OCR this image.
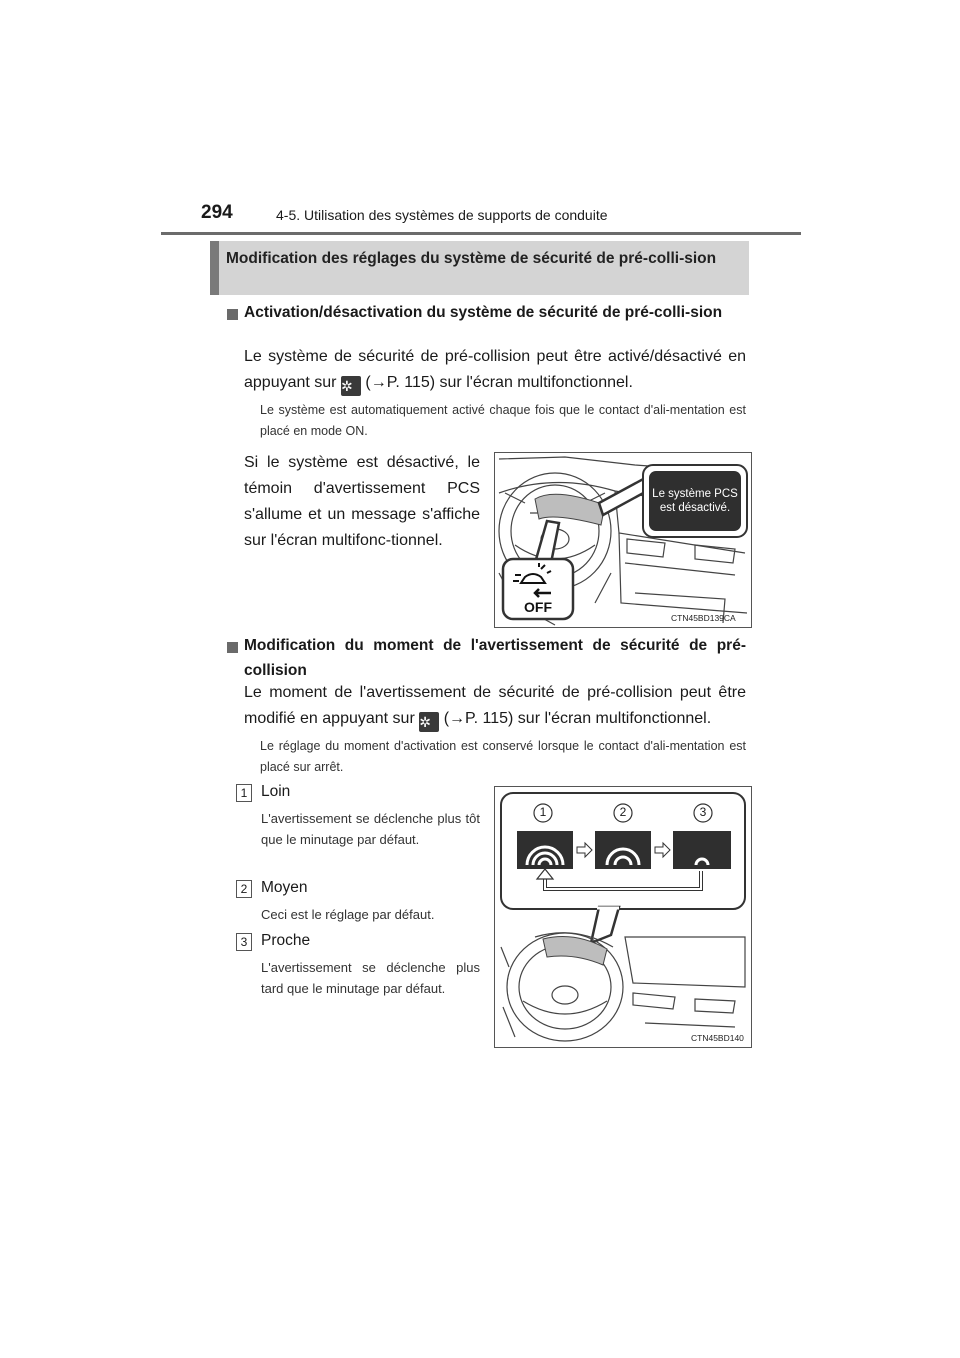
294	4-5. Utilisation des systèmes de supports de conduite
Modification des réglages du système de sécurité de pré-colli-sion
Activation/désactivation du système de sécurité de pré-colli-sion
Le système de sécurité de pré-collision peut être activé/désactivé en appuyant sur ✲ (→P. 115) sur l'écran multifonctionnel.
Le système est automatiquement activé chaque fois que le contact d'ali-mentation est placé en mode ON.
Si le système est désactivé, le témoin d'avertissement PCS s'allume et un message s'affiche sur l'écran multifonc-tionnel.
Le système PCS est désactivé.
OFF
CTN45BD139CA
Modification du moment de l'avertissement de sécurité de pré-collision
Le moment de l'avertissement de sécurité de pré-collision peut être modifié en appuyant sur ✲ (→P. 115) sur l'écran multifonctionnel.
Le réglage du moment d'activation est conservé lorsque le contact d'ali-mentation est placé sur arrêt.
1 Loin
L'avertissement se déclenche plus tôt que le minutage par défaut.
2 Moyen
Ceci est le réglage par défaut.
3 Proche
L'avertissement se déclenche plus tard que le minutage par défaut.
1	2	3
CTN45BD140
